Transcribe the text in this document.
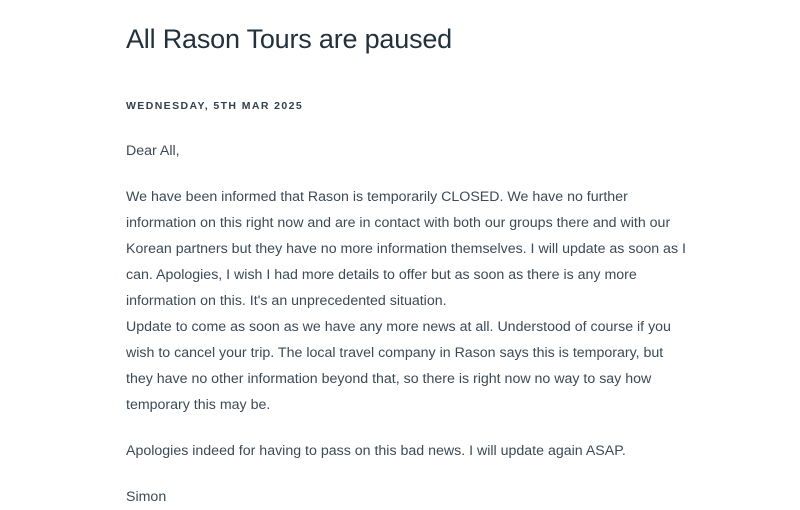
All Rason Tours are paused
WEDNESDAY, 5TH MAR 2025

Dear All,

We have been informed that Rason is temporarily CLOSED. We have no further information on this right now and are in contact with both our groups there and with our Korean partners but they have no more information themselves. I will update as soon as I can. Apologies, I wish I had more details to offer but as soon as there is any more information on this. It's an unprecedented situation.

Update to come as soon as we have any more news at all. Understood of course if you wish to cancel your trip. The local travel company in Rason says this is temporary, but they have no other information beyond that, so there is right now no way to say how temporary this may be.

Apologies indeed for having to pass on this bad news. I will update again ASAP.

Simon
